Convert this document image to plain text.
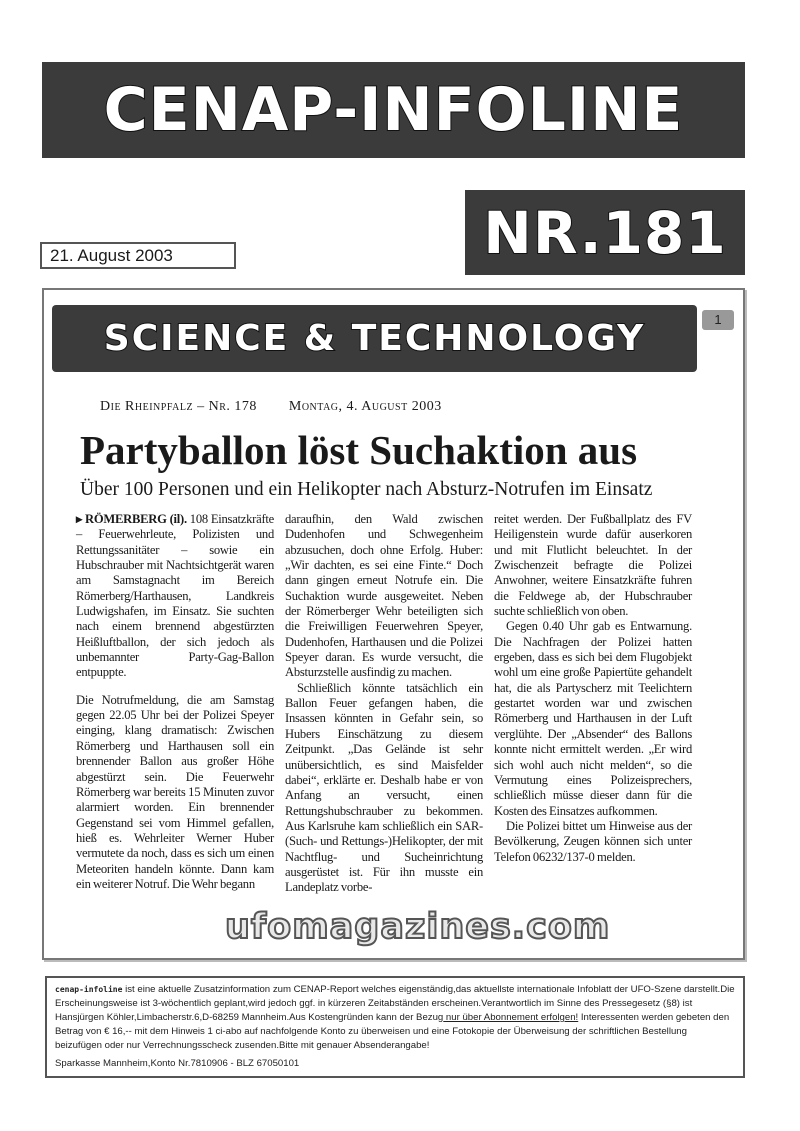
CENAP-INFOLINE
NR.181
21. August 2003
SCIENCE & TECHNOLOGY	1
Die Rheinpfalz – Nr. 178 Montag, 4. August 2003
Partyballon löst Suchaktion aus
Über 100 Personen und ein Helikopter nach Absturz-Notrufen im Einsatz

▸ RÖMERBERG (il). 108 Einsatzkräfte – Feuerwehrleute, Polizisten und Rettungssanitäter – sowie ein Hubschrauber mit Nachtsichtgerät waren am Samstagnacht im Bereich Römerberg/Harthausen, Landkreis Ludwigshafen, im Einsatz. Sie suchten nach einem brennend abgestürzten Heißluftballon, der sich jedoch als unbemannter Party-Gag-Ballon entpuppte.

Die Notrufmeldung, die am Samstag gegen 22.05 Uhr bei der Polizei Speyer einging, klang dramatisch: Zwischen Römerberg und Harthausen soll ein brennender Ballon aus großer Höhe abgestürzt sein. Die Feuerwehr Römerberg war bereits 15 Minuten zuvor alarmiert worden. Ein brennender Gegenstand sei vom Himmel gefallen, hieß es. Wehrleiter Werner Huber vermutete da noch, dass es sich um einen Meteoriten handeln könnte. Dann kam ein weiterer Notruf. Die Wehr begann

daraufhin, den Wald zwischen Dudenhofen und Schwegenheim abzusuchen, doch ohne Erfolg. Huber: „Wir dachten, es sei eine Finte.“ Doch dann gingen erneut Notrufe ein. Die Suchaktion wurde ausgeweitet. Neben der Römerberger Wehr beteiligten sich die Freiwilligen Feuerwehren Speyer, Dudenhofen, Harthausen und die Polizei Speyer daran. Es wurde versucht, die Absturzstelle ausfindig zu machen.

Schließlich könnte tatsächlich ein Ballon Feuer gefangen haben, die Insassen könnten in Gefahr sein, so Hubers Einschätzung zu diesem Zeitpunkt. „Das Gelände ist sehr unübersichtlich, es sind Maisfelder dabei“, erklärte er. Deshalb habe er von Anfang an versucht, einen Rettungshubschrauber zu bekommen. Aus Karlsruhe kam schließlich ein SAR-(Such- und Rettungs-)Helikopter, der mit Nachtflug- und Sucheinrichtung ausgerüstet ist. Für ihn musste ein Landeplatz vorbe-

reitet werden. Der Fußballplatz des FV Heiligenstein wurde dafür auserkoren und mit Flutlicht beleuchtet. In der Zwischenzeit befragte die Polizei Anwohner, weitere Einsatzkräfte fuhren die Feldwege ab, der Hubschrauber suchte schließlich von oben.

Gegen 0.40 Uhr gab es Entwarnung. Die Nachfragen der Polizei hatten ergeben, dass es sich bei dem Flugobjekt wohl um eine große Papiertüte gehandelt hat, die als Partyscherz mit Teelichtern gestartet worden war und zwischen Römerberg und Harthausen in der Luft verglühte. Der „Absender“ des Ballons konnte nicht ermittelt werden. „Er wird sich wohl auch nicht melden“, so die Vermutung eines Polizeisprechers, schließlich müsse dieser dann für die Kosten des Einsatzes aufkommen.

Die Polizei bittet um Hinweise aus der Bevölkerung, Zeugen können sich unter Telefon 06232/137-0 melden.

ufomagazines.com
cenap-infoline ist eine aktuelle Zusatzinformation zum CENAP-Report welches eigenständig,das aktuellste internationale Infoblatt der UFO-Szene darstellt.Die Erscheinungsweise ist 3-wöchentlich geplant,wird jedoch ggf. in kürzeren Zeitabständen erscheinen.Verantwortlich im Sinne des Pressegesetz (§8) ist Hansjürgen Köhler,Limbacherstr.6,D-68259 Mannheim.Aus Kostengründen kann der Bezug nur über Abonnement erfolgen! Interessenten werden gebeten den Betrag von € 16,-- mit dem Hinweis 1 ci-abo auf nachfolgende Konto zu überweisen und eine Fotokopie der Überweisung der schriftlichen Bestellung beizufügen oder nur Verrechnungsscheck zusenden.Bitte mit genauer Absenderangabe!
Sparkasse Mannheim,Konto Nr.7810906 - BLZ 67050101
